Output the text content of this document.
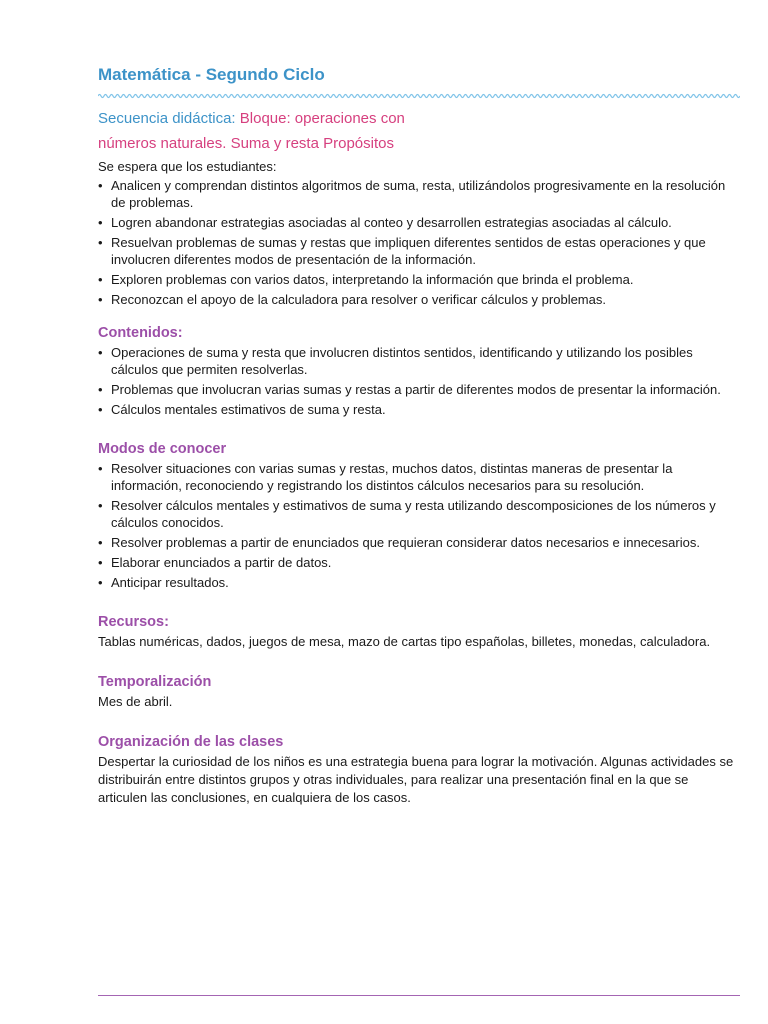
Matemática - Segundo Ciclo

Secuencia didáctica: Bloque: operaciones con números naturales. Suma y resta Propósitos

Se espera que los estudiantes:

• Analicen y comprendan distintos algoritmos de suma, resta, utilizándolos progresivamente en la resolución de problemas.
• Logren abandonar estrategias asociadas al conteo y desarrollen estrategias asociadas al cálculo.
• Resuelvan problemas de sumas y restas que impliquen diferentes sentidos de estas operaciones y que involucren diferentes modos de presentación de la información.
• Exploren problemas con varios datos, interpretando la información que brinda el problema.
• Reconozcan el apoyo de la calculadora para resolver o verificar cálculos y problemas.
Contenidos:
• Operaciones de suma y resta que involucren distintos sentidos, identificando y utilizando los posibles cálculos que permiten resolverlas.
• Problemas que involucran varias sumas y restas a partir de diferentes modos de presentar la información.
• Cálculos mentales estimativos de suma y resta.
Modos de conocer
• Resolver situaciones con varias sumas y restas, muchos datos, distintas maneras de presentar la información, reconociendo y registrando los distintos cálculos necesarios para su resolución.
• Resolver cálculos mentales y estimativos de suma y resta utilizando descomposiciones de los números y cálculos conocidos.
• Resolver problemas a partir de enunciados que requieran considerar datos necesarios e innecesarios.
• Elaborar enunciados a partir de datos.
• Anticipar resultados.
Recursos:

Tablas numéricas, dados, juegos de mesa, mazo de cartas tipo españolas, billetes, monedas, calculadora.

Temporalización

Mes de abril.

Organización de las clases

Despertar la curiosidad de los niños es una estrategia buena para lograr la motivación. Algunas actividades se distribuirán entre distintos grupos y otras individuales, para realizar una presentación final en la que se articulen las conclusiones, en cualquiera de los casos.
